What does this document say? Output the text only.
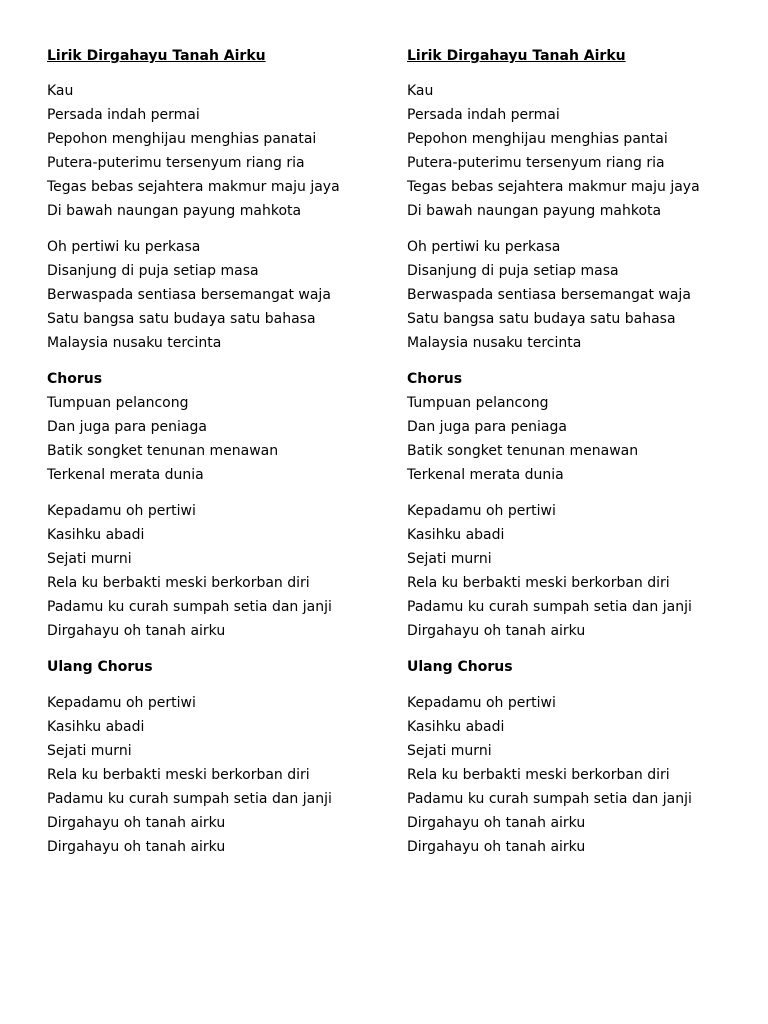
Lirik Dirgahayu Tanah Airku
Kau
Persada indah permai
Pepohon menghijau menghias panatai
Putera-puterimu tersenyum riang ria
Tegas bebas sejahtera makmur maju jaya
Di bawah naungan payung mahkota
Oh pertiwi ku perkasa
Disanjung di puja setiap masa
Berwaspada sentiasa bersemangat waja
Satu bangsa satu budaya satu bahasa
Malaysia nusaku tercinta
Chorus
Tumpuan pelancong
Dan juga para peniaga
Batik songket tenunan menawan
Terkenal merata dunia
Kepadamu oh pertiwi
Kasihku abadi
Sejati murni
Rela ku berbakti meski berkorban diri
Padamu ku curah sumpah setia dan janji
Dirgahayu oh tanah airku
Ulang Chorus
Kepadamu oh pertiwi
Kasihku abadi
Sejati murni
Rela ku berbakti meski berkorban diri
Padamu ku curah sumpah setia dan janji
Dirgahayu oh tanah airku
Dirgahayu oh tanah airku
Lirik Dirgahayu Tanah Airku
Kau
Persada indah permai
Pepohon menghijau menghias pantai
Putera-puterimu tersenyum riang ria
Tegas bebas sejahtera makmur maju jaya
Di bawah naungan payung mahkota
Oh pertiwi ku perkasa
Disanjung di puja setiap masa
Berwaspada sentiasa bersemangat waja
Satu bangsa satu budaya satu bahasa
Malaysia nusaku tercinta
Chorus
Tumpuan pelancong
Dan juga para peniaga
Batik songket tenunan menawan
Terkenal merata dunia
Kepadamu oh pertiwi
Kasihku abadi
Sejati murni
Rela ku berbakti meski berkorban diri
Padamu ku curah sumpah setia dan janji
Dirgahayu oh tanah airku
Ulang Chorus
Kepadamu oh pertiwi
Kasihku abadi
Sejati murni
Rela ku berbakti meski berkorban diri
Padamu ku curah sumpah setia dan janji
Dirgahayu oh tanah airku
Dirgahayu oh tanah airku
